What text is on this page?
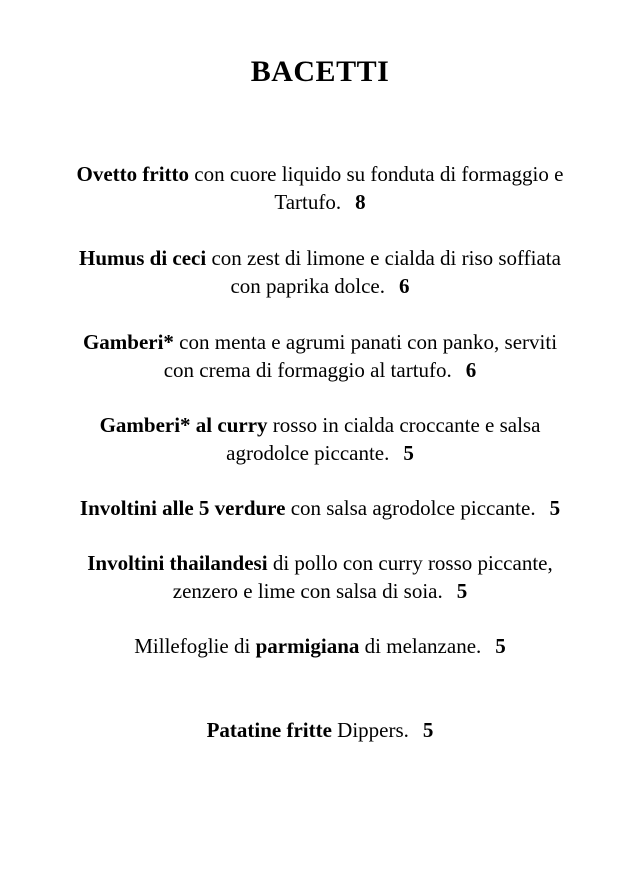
BACETTI
Ovetto fritto con cuore liquido su fonduta di formaggio e
Tartufo. 8
Humus di ceci con zest di limone e cialda di riso soffiata
con paprika dolce. 6
Gamberi* con menta e agrumi panati con panko, serviti
con crema di formaggio al tartufo. 6
Gamberi* al curry rosso in cialda croccante e salsa
agrodolce piccante. 5
Involtini alle 5 verdure con salsa agrodolce piccante. 5
Involtini thailandesi di pollo con curry rosso piccante,
zenzero e lime con salsa di soia. 5
Millefoglie di parmigiana di melanzane. 5
Patatine fritte Dippers. 5
